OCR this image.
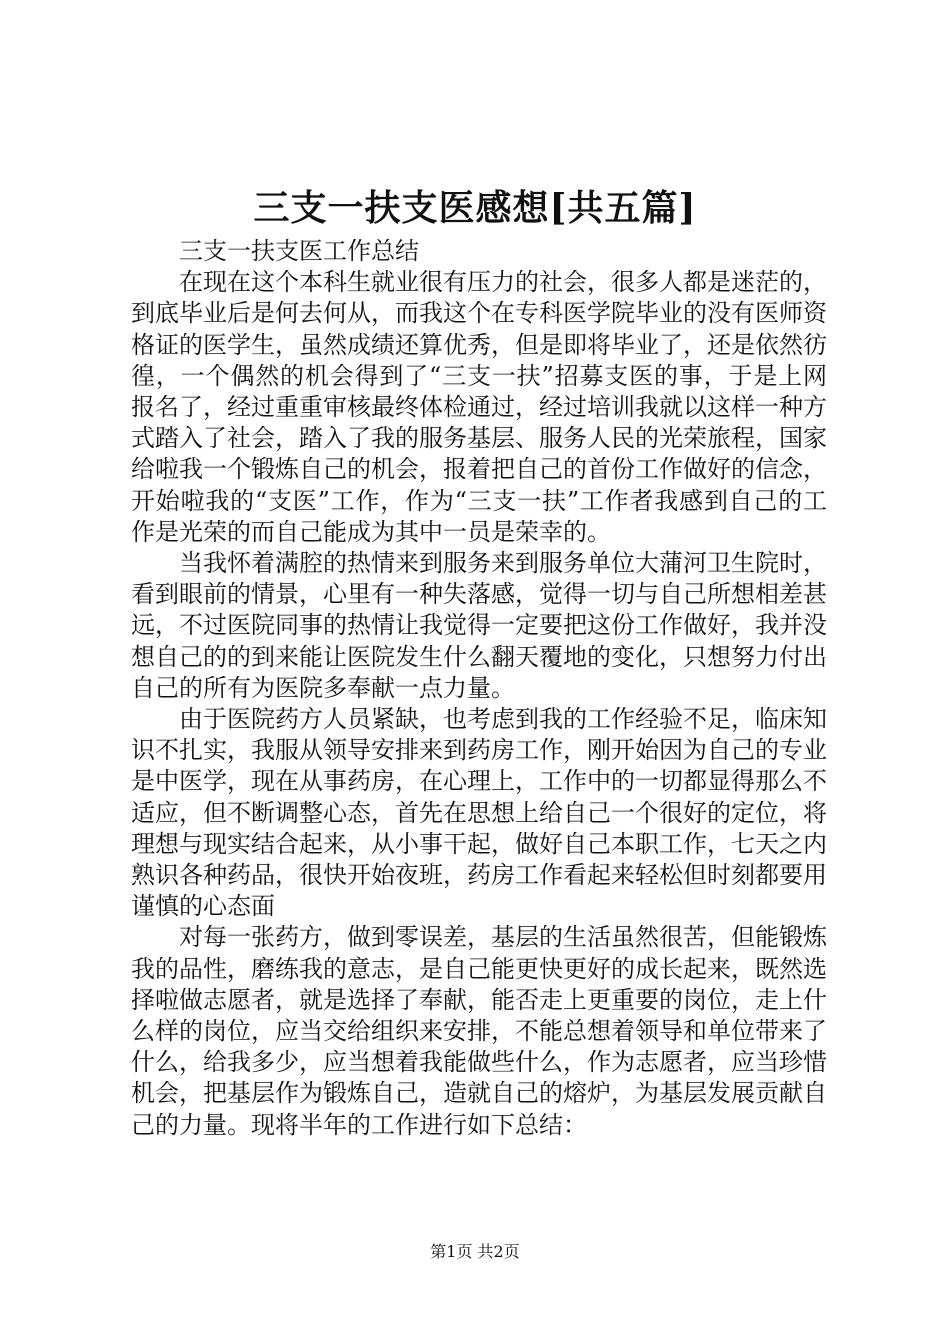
三支一扶支医感想[共五篇]

三支一扶支医工作总结

在现在这个本科生就业很有压力的社会，很多人都是迷茫的，到底毕业后是何去何从，而我这个在专科医学院毕业的没有医师资格证的医学生，虽然成绩还算优秀，但是即将毕业了，还是依然彷徨，一个偶然的机会得到了“三支一扶”招募支医的事，于是上网报名了，经过重重审核最终体检通过，经过培训我就以这样一种方式踏入了社会，踏入了我的服务基层、服务人民的光荣旅程，国家给啦我一个锻炼自己的机会，报着把自己的首份工作做好的信念，开始啦我的“支医”工作，作为“三支一扶”工作者我感到自己的工作是光荣的而自己能成为其中一员是荣幸的。

当我怀着满腔的热情来到服务来到服务单位大蒲河卫生院时，看到眼前的情景，心里有一种失落感，觉得一切与自己所想相差甚远，不过医院同事的热情让我觉得一定要把这份工作做好，我并没想自己的的到来能让医院发生什么翻天覆地的变化，只想努力付出自己的所有为医院多奉献一点力量。

由于医院药方人员紧缺，也考虑到我的工作经验不足，临床知识不扎实，我服从领导安排来到药房工作，刚开始因为自己的专业是中医学，现在从事药房，在心理上，工作中的一切都显得那么不适应，但不断调整心态，首先在思想上给自己一个很好的定位，将理想与现实结合起来，从小事干起，做好自己本职工作，七天之内熟识各种药品，很快开始夜班，药房工作看起来轻松但时刻都要用谨慎的心态面

对每一张药方，做到零误差，基层的生活虽然很苦，但能锻炼我的品性，磨练我的意志，是自己能更快更好的成长起来，既然选择啦做志愿者，就是选择了奉献，能否走上更重要的岗位，走上什么样的岗位，应当交给组织来安排，不能总想着领导和单位带来了什么，给我多少，应当想着我能做些什么，作为志愿者，应当珍惜机会，把基层作为锻炼自己，造就自己的熔炉，为基层发展贡献自己的力量。现将半年的工作进行如下总结：

第1页 共2页
